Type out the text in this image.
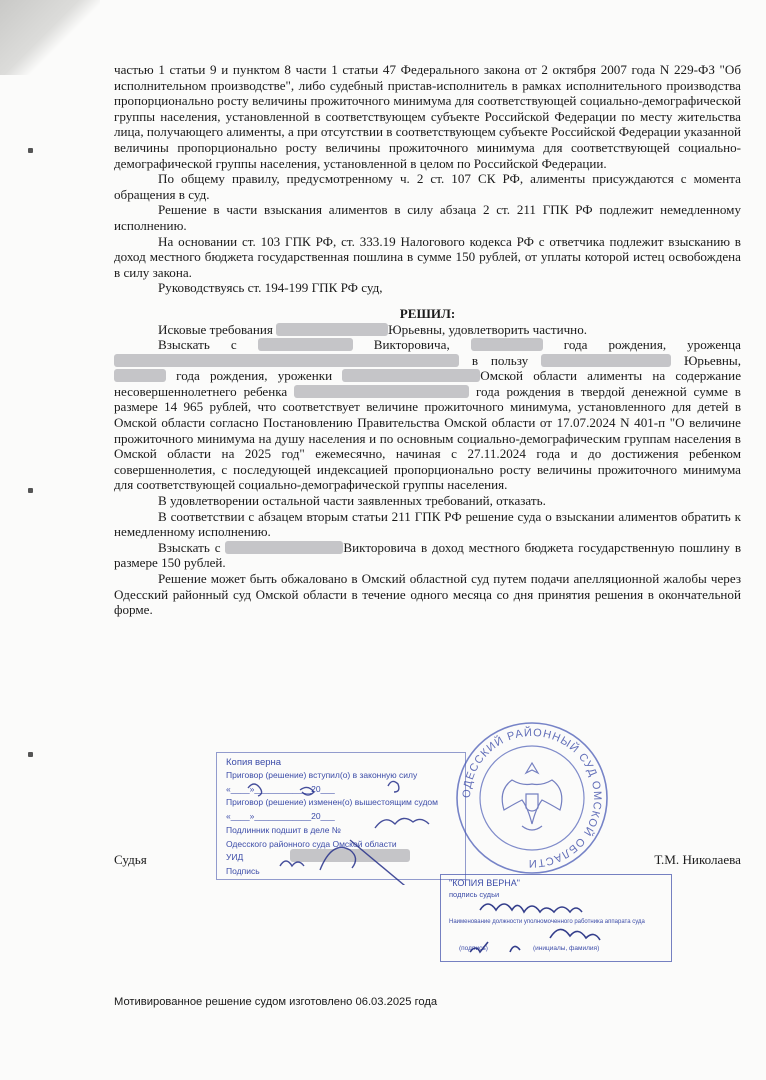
частью 1 статьи 9 и пунктом 8 части 1 статьи 47 Федерального закона от 2 октября 2007 года N 229-ФЗ "Об исполнительном производстве", либо судебный пристав-исполнитель в рамках исполнительного производства пропорционально росту величины прожиточного минимума для соответствующей социально-демографической группы населения, установленной в соответствующем субъекте Российской Федерации по месту жительства лица, получающего алименты, а при отсутствии в соответствующем субъекте Российской Федерации указанной величины пропорционально росту величины прожиточного минимума для соответствующей социально-демографической группы населения, установленной в целом по Российской Федерации.

По общему правилу, предусмотренному ч. 2 ст. 107 СК РФ, алименты присуждаются с момента обращения в суд.

Решение в части взыскания алиментов в силу абзаца 2 ст. 211 ГПК РФ подлежит немедленному исполнению.

На основании ст. 103 ГПК РФ, ст. 333.19 Налогового кодекса РФ с ответчика подлежит взысканию в доход местного бюджета государственная пошлина в сумме 150 рублей, от уплаты которой истец освобождена в силу закона.

Руководствуясь ст. 194-199 ГПК РФ суд,

РЕШИЛ:

Исковые требования	Юрьевны, удовлетворить частично.

Взыскать с	Викторовича,	года рождения, уроженца  в пользу	Юрьевны,  года рождения, уроженки	Омской области алименты на содержание несовершеннолетнего ребенка	года рождения в твердой денежной сумме в размере 14 965 рублей, что соответствует величине прожиточного минимума, установленного для детей в Омской области согласно Постановлению Правительства Омской области от 17.07.2024 N 401-п "О величине прожиточного минимума на душу населения и по основным социально-демографическим группам населения в Омской области на 2025 год" ежемесячно, начиная с 27.11.2024 года и до достижения ребенком совершеннолетия, с последующей индексацией пропорционально росту величины прожиточного минимума для соответствующей социально-демографической группы населения.

В удовлетворении остальной части заявленных требований, отказать.

В соответствии с абзацем вторым статьи 211 ГПК РФ решение суда о взыскании алиментов обратить к немедленному исполнению.

Взыскать с	Викторовича в доход местного бюджета государственную пошлину в размере 150 рублей.

Решение может быть обжаловано в Омский областной суд путем подачи апелляционной жалобы через Одесский районный суд Омской области в течение одного месяца со дня принятия решения в окончательной форме.

Копия верна
Приговор (решение) вступил(о) в законную силу
«____»____________20___
Приговор (решение) изменен(о) вышестоящим судом
«____»____________20___
Подлинник подшит в деле №
Одесского районного суда Омской области
УИД
Подпись
ОДЕССКИЙ РАЙОННЫЙ СУД ОМСКОЙ ОБЛАСТИ
"КОПИЯ ВЕРНА"
подпись судьи
Наименование должности уполномоченного работника аппарата суда
(подпись)	(инициалы, фамилия)
Судья	Т.М. Николаева
Мотивированное решение судом изготовлено 06.03.2025 года
